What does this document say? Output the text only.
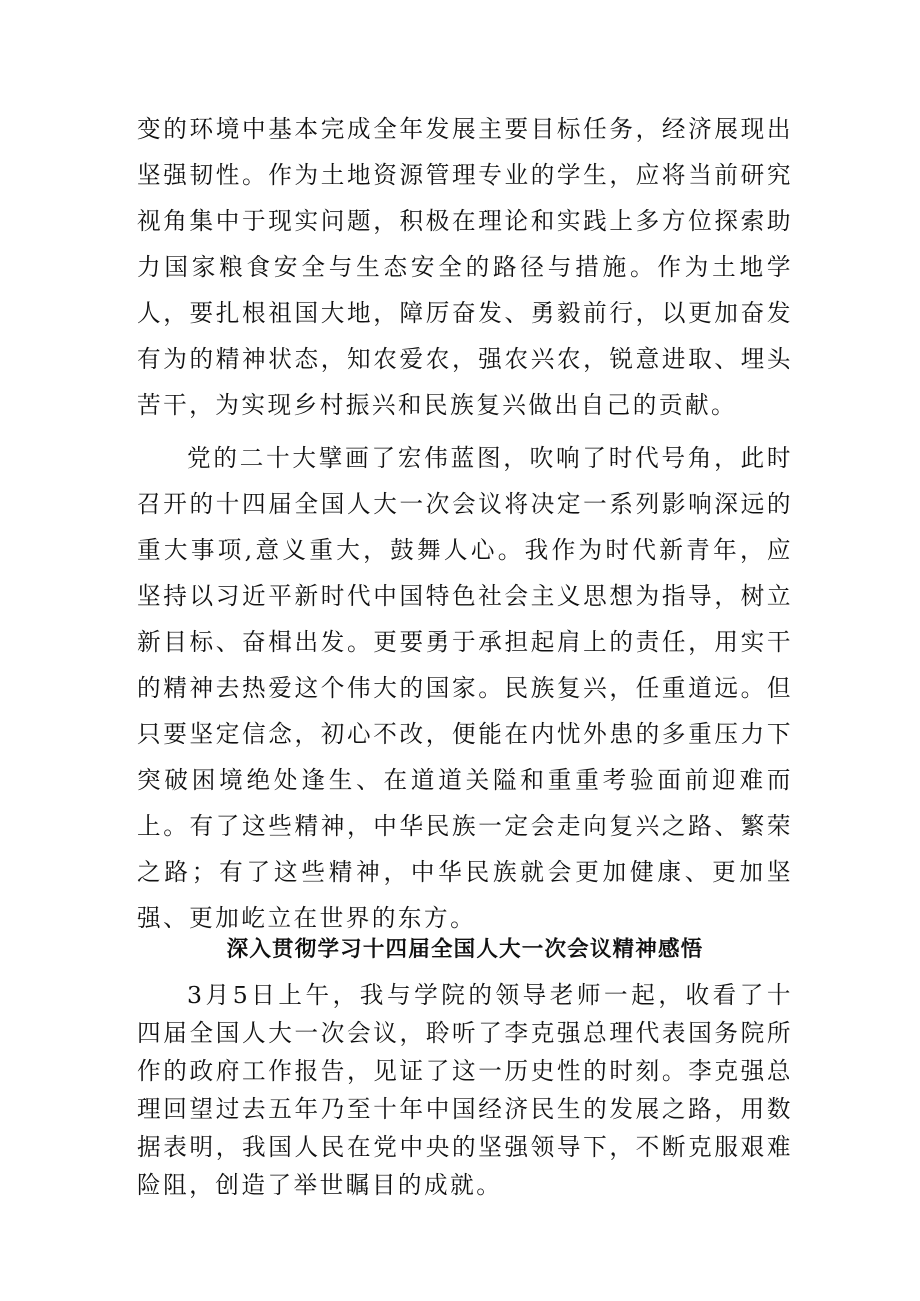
变的环境中基本完成全年发展主要目标任务，经济展现出坚强韧性。作为土地资源管理专业的学生，应将当前研究视角集中于现实问题，积极在理论和实践上多方位探索助力国家粮食安全与生态安全的路径与措施。作为土地学人，要扎根祖国大地，障厉奋发、勇毅前行，以更加奋发有为的精神状态，知农爱农，强农兴农，锐意进取、埋头苦干，为实现乡村振兴和民族复兴做出自己的贡献。

党的二十大擘画了宏伟蓝图，吹响了时代号角，此时召开的十四届全国人大一次会议将决定一系列影响深远的重大事项,意义重大，鼓舞人心。我作为时代新青年，应坚持以习近平新时代中国特色社会主义思想为指导，树立新目标、奋楫出发。更要勇于承担起肩上的责任，用实干的精神去热爱这个伟大的国家。民族复兴，任重道远。但只要坚定信念，初心不改，便能在内忧外患的多重压力下突破困境绝处逢生、在道道关隘和重重考验面前迎难而上。有了这些精神，中华民族一定会走向复兴之路、繁荣之路；有了这些精神，中华民族就会更加健康、更加坚强、更加屹立在世界的东方。

深入贯彻学习十四届全国人大一次会议精神感悟

3月5日上午，我与学院的领导老师一起，收看了十四届全国人大一次会议，聆听了李克强总理代表国务院所作的政府工作报告，见证了这一历史性的时刻。李克强总理回望过去五年乃至十年中国经济民生的发展之路，用数据表明，我国人民在党中央的坚强领导下，不断克服艰难险阻，创造了举世瞩目的成就。
